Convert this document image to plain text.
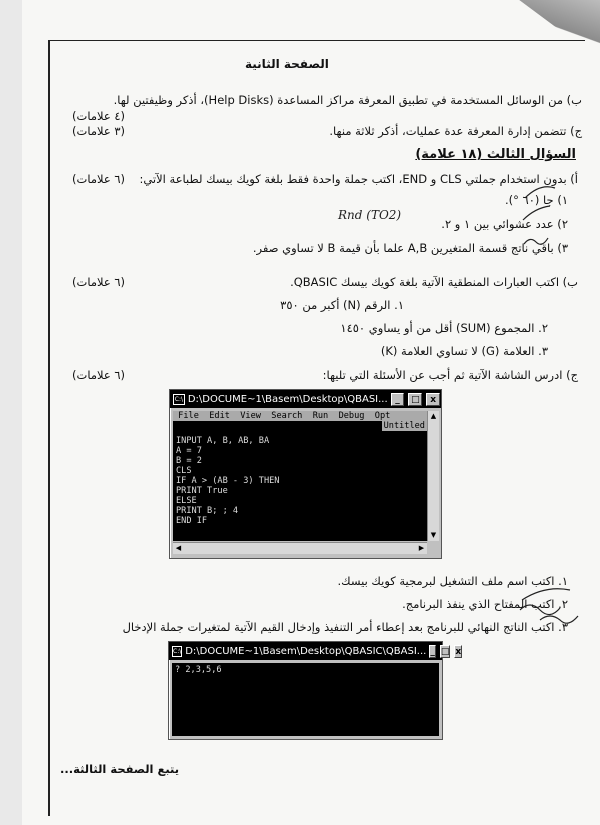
الصفحة الثانية
ب) من الوسائل المستخدمة في تطبيق المعرفة مراكز المساعدة (Help Disks)، أذكر وظيفتين لها.
(٤ علامات)
ج) تتضمن إدارة المعرفة عدة عمليات، أذكر ثلاثة منها.
(٣ علامات)
السؤال الثالث (١٨ علامة)
أ) بدون استخدام جملتي CLS و END، اكتب جملة واحدة فقط بلغة كويك بيسك لطباعة الآتي:
(٦ علامات)
١) جا (٦٠ °).
٢) عدد عشوائي بين ١ و ٢.
Rnd (TO2)
٣) باقي ناتج قسمة المتغيرين A,B علما بأن قيمة B لا تساوي صفر.
ب) اكتب العبارات المنطقية الآتية بلغة كويك بيسك QBASIC.
(٦ علامات)
١. الرقم (N) أكبر من ٣٥٠
٢. المجموع (SUM) أقل من أو يساوي ١٤٥٠
٣. العلامة (G) لا تساوي العلامة (K)
ج) ادرس الشاشة الآتية ثم أجب عن الأسئلة التي تليها:
(٦ علامات)
C:\ D:\DOCUME~1\Basem\Desktop\QBASI... _	□	x

File  Edit  View  Search  Run  Debug  Opt

Untitled

INPUT A, B, AB, BA
A = 7
B = 2
CLS
IF A > (AB - 3) THEN
PRINT True
ELSE
PRINT B; ; 4
END IF

▲
▼
◀	▶
١. اكتب اسم ملف التشغيل لبرمجية كويك بيسك.
٢. اكتب المفتاح الذي ينفذ البرنامج.
٣. اكتب الناتج النهائي للبرنامج بعد إعطاء أمر التنفيذ وإدخال القيم الآتية لمتغيرات جملة الإدخال
C:\ D:\DOCUME~1\Basem\Desktop\QBASIC\QBASI... _ □ x

? 2,3,5,6

يتبع الصفحة الثالثة...
